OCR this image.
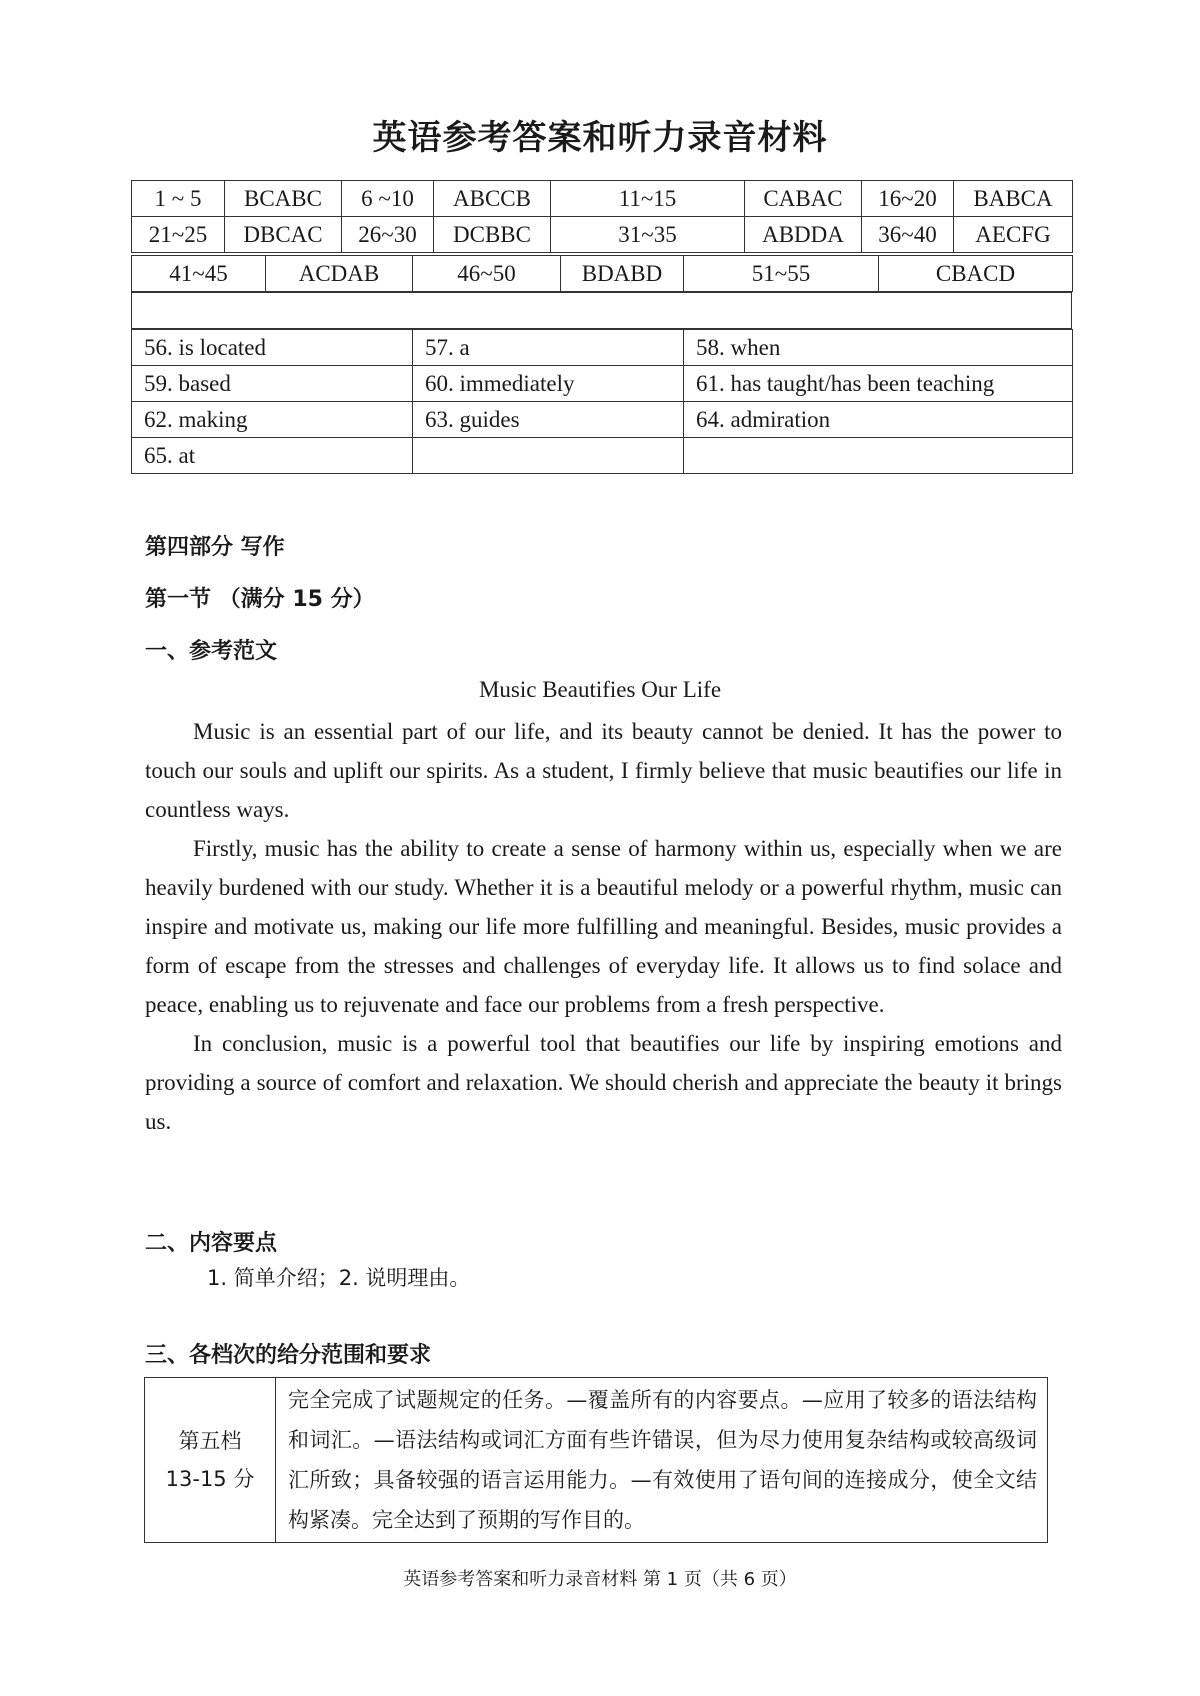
英语参考答案和听力录音材料
1 ~ 5	BCABC	6 ~10	ABCCB	11~15	CABAC	16~20	BABCA
21~25	DBCAC	26~30	DCBBC	31~35	ABDDA	36~40	AECFG
41~45	ACDAB	46~50	BDABD	51~55	CBACD
56. is located	57. a	58. when
59. based	60. immediately	61. has taught/has been teaching
62. making	63. guides	64. admiration
65. at		
第四部分 写作
第一节 （满分 15 分）
一、参考范文
Music Beautifies Our Life

Music is an essential part of our life, and its beauty cannot be denied. It has the power to touch our souls and uplift our spirits. As a student, I firmly believe that music beautifies our life in countless ways.

Firstly, music has the ability to create a sense of harmony within us, especially when we are heavily burdened with our study. Whether it is a beautiful melody or a powerful rhythm, music can inspire and motivate us, making our life more fulfilling and meaningful. Besides, music provides a form of escape from the stresses and challenges of everyday life. It allows us to find solace and peace, enabling us to rejuvenate and face our problems from a fresh perspective.

In conclusion, music is a powerful tool that beautifies our life by inspiring emotions and providing a source of comfort and relaxation. We should cherish and appreciate the beauty it brings us.

二、内容要点
1. 简单介绍；2. 说明理由。
三、各档次的给分范围和要求
第五档
13-15 分
	完全完成了试题规定的任务。—覆盖所有的内容要点。—应用了较多的语法结构和词汇。—语法结构或词汇方面有些许错误，但为尽力使用复杂结构或较高级词汇所致；具备较强的语言运用能力。—有效使用了语句间的连接成分，使全文结构紧凑。完全达到了预期的写作目的。
英语参考答案和听力录音材料 第 1 页（共 6 页）
